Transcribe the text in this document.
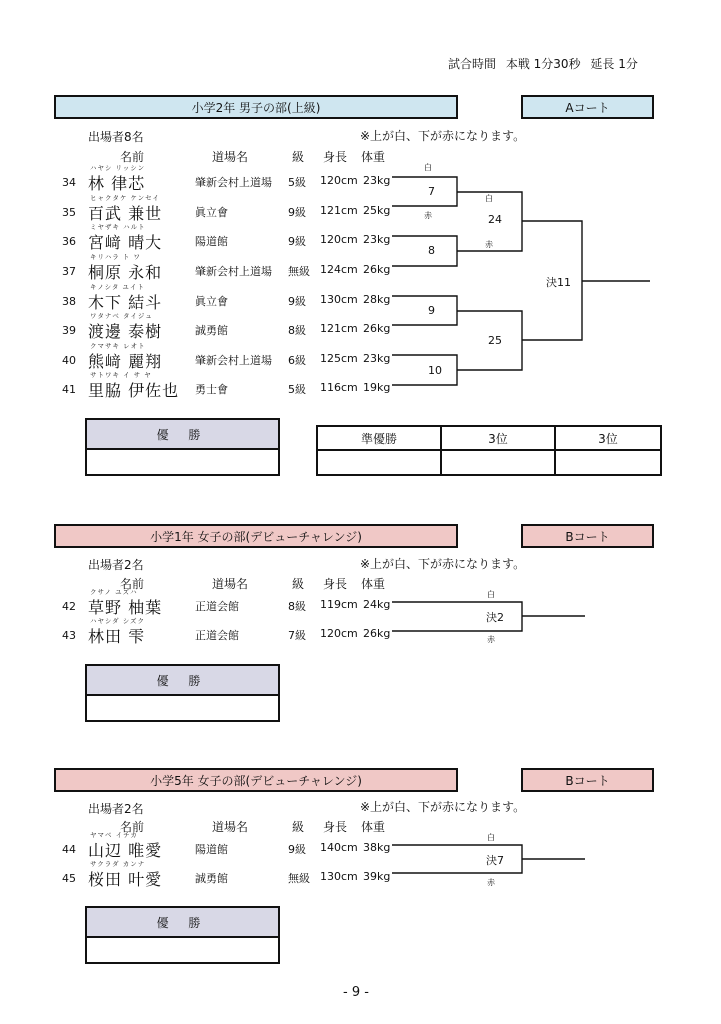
試合時間 本戦 1分30秒 延長 1分
小学2年 男子の部(上級)	Aコート
出場者8名	※上が白、下が赤になります。
名前	道場名	級 身長 体重
34
ハヤシ リッシン
林 律芯	肇新会村上道場 5級 120cm 23kg
35
ヒャクタケ ケンセイ
百武 兼世	眞立會	9級 121cm 25kg
36
ミヤザキ ハルト
宮﨑 晴大	陽道館	9級 120cm 23kg
37
キリハラ ト ワ
桐原 永和	肇新会村上道場 無級 124cm 26kg
38
キノシタ ユイト
木下 結斗	眞立會	9級 130cm 28kg
39
ワタナベ タイジュ
渡邊 泰樹	誠勇館	8級 121cm 26kg
40
クマサキ レオト
熊﨑 麗翔	肇新会村上道場 6級 125cm 23kg
41
サトワキ イ サ ヤ
里脇 伊佐也 勇士會	5級 116cm 19kg
白
赤
7
8
9
10
白
24
赤
25
決11
優 勝	準優勝	3位	3位
小学1年 女子の部(デビューチャレンジ)	Bコート
出場者2名	※上が白、下が赤になります。
名前	道場名	級 身長 体重
42
クサノ ユズハ
草野 柚葉	正道会館	8級 119cm 24kg
43
ハヤシダ シズク
林田 雫	正道会館	7級 120cm 26kg
白
決2
赤
優 勝
小学5年 女子の部(デビューチャレンジ)	Bコート
出場者2名	※上が白、下が赤になります。
名前	道場名	級 身長 体重
44
ヤマベ イチカ
山辺 唯愛	陽道館	9級 140cm 38kg
45
サクラダ カンナ
桜田 叶愛	誠勇館	無級 130cm 39kg
白
決7
赤
優 勝
- 9 -
